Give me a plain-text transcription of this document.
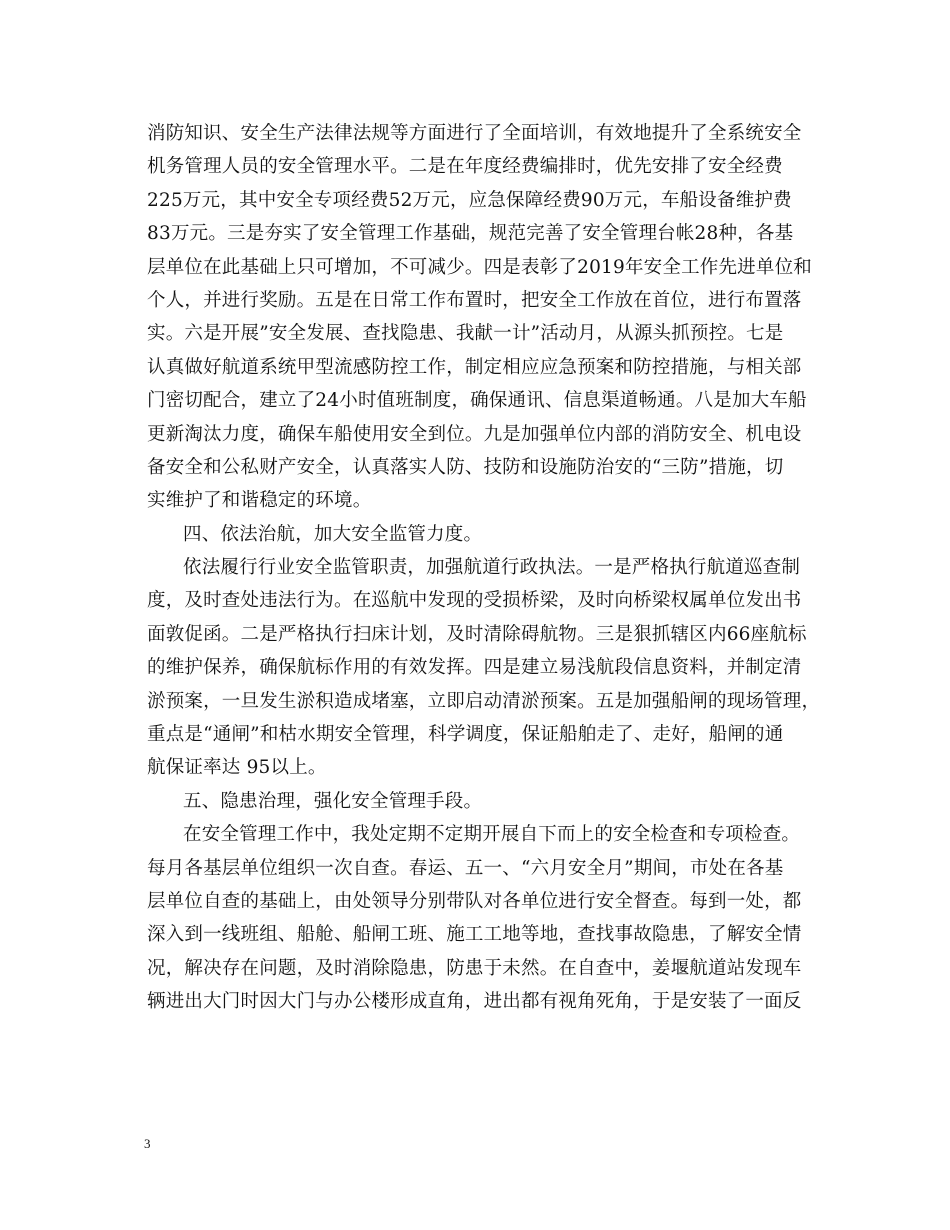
消防知识、安全生产法律法规等方面进行了全面培训，有效地提升了全系统安全
机务管理人员的安全管理水平。二是在年度经费编排时，优先安排了安全经费
225万元，其中安全专项经费52万元，应急保障经费90万元，车船设备维护费
83万元。三是夯实了安全管理工作基础，规范完善了安全管理台帐28种，各基
层单位在此基础上只可增加，不可减少。四是表彰了2019年安全工作先进单位和
个人，并进行奖励。五是在日常工作布置时，把安全工作放在首位，进行布置落
实。六是开展”安全发展、查找隐患、我献一计”活动月，从源头抓预控。七是
认真做好航道系统甲型流感防控工作，制定相应应急预案和防控措施，与相关部
门密切配合，建立了24小时值班制度，确保通讯、信息渠道畅通。八是加大车船
更新淘汰力度，确保车船使用安全到位。九是加强单位内部的消防安全、机电设
备安全和公私财产安全，认真落实人防、技防和设施防治安的“三防”措施，切
实维护了和谐稳定的环境。
四、依法治航，加大安全监管力度。
依法履行行业安全监管职责，加强航道行政执法。一是严格执行航道巡查制
度，及时查处违法行为。在巡航中发现的受损桥梁，及时向桥梁权属单位发出书
面敦促函。二是严格执行扫床计划，及时清除碍航物。三是狠抓辖区内66座航标
的维护保养，确保航标作用的有效发挥。四是建立易浅航段信息资料，并制定清
淤预案，一旦发生淤积造成堵塞，立即启动清淤预案。五是加强船闸的现场管理，
重点是“通闸”和枯水期安全管理，科学调度，保证船舶走了、走好，船闸的通
航保证率达 95以上。
五、隐患治理，强化安全管理手段。
在安全管理工作中，我处定期不定期开展自下而上的安全检查和专项检查。
每月各基层单位组织一次自查。春运、五一、“六月安全月”期间，市处在各基
层单位自查的基础上，由处领导分别带队对各单位进行安全督查。每到一处，都
深入到一线班组、船舱、船闸工班、施工工地等地，查找事故隐患，了解安全情
况，解决存在问题，及时消除隐患，防患于未然。在自查中，姜堰航道站发现车
辆进出大门时因大门与办公楼形成直角，进出都有视角死角，于是安装了一面反
3
